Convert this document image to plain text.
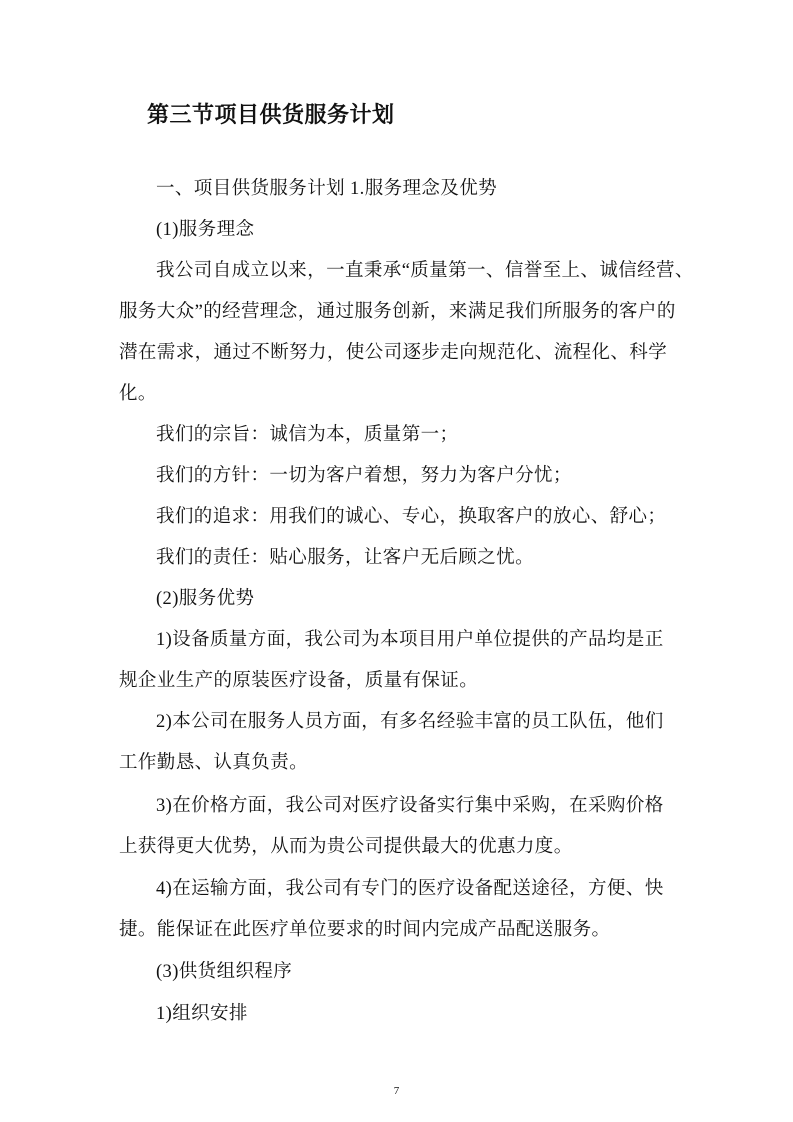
第三节项目供货服务计划
一、项目供货服务计划 1.服务理念及优势
(1)服务理念
我公司自成立以来，一直秉承“质量第一、信誉至上、诚信经营、
服务大众”的经营理念，通过服务创新，来满足我们所服务的客户的
潜在需求，通过不断努力，使公司逐步走向规范化、流程化、科学
化。
我们的宗旨：诚信为本，质量第一；
我们的方针：一切为客户着想，努力为客户分忧；
我们的追求：用我们的诚心、专心，换取客户的放心、舒心；
我们的责任：贴心服务，让客户无后顾之忧。
(2)服务优势
1)设备质量方面，我公司为本项目用户单位提供的产品均是正
规企业生产的原装医疗设备，质量有保证。
2)本公司在服务人员方面，有多名经验丰富的员工队伍，他们
工作勤恳、认真负责。
3)在价格方面，我公司对医疗设备实行集中采购，在采购价格
上获得更大优势，从而为贵公司提供最大的优惠力度。
4)在运输方面，我公司有专门的医疗设备配送途径，方便、快
捷。能保证在此医疗单位要求的时间内完成产品配送服务。
(3)供货组织程序
1)组织安排
7
